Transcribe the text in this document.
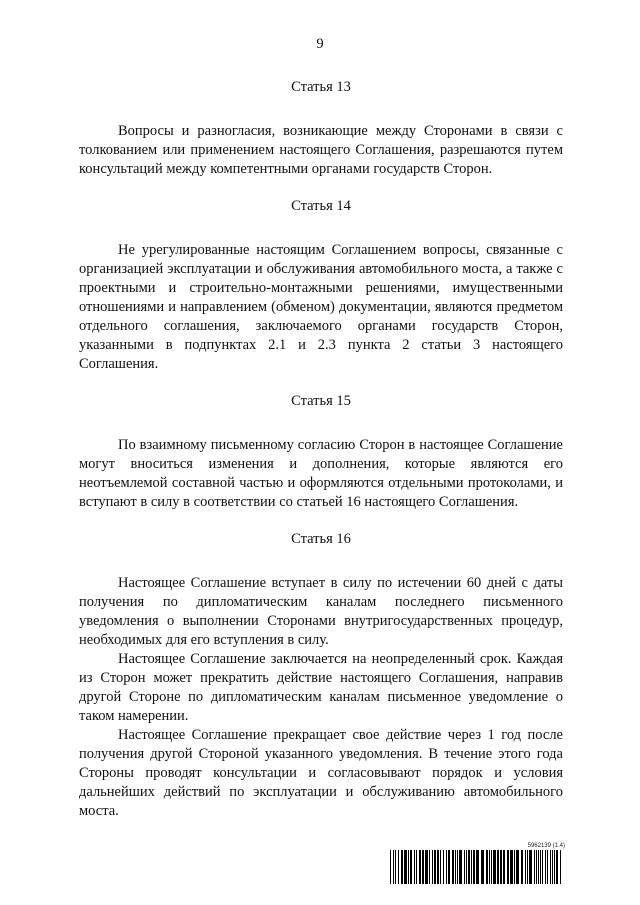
9
Статья 13

Вопросы и разногласия, возникающие между Сторонами в связи с толкованием или применением настоящего Соглашения, разрешаются путем консультаций между компетентными органами государств Сторон.

Статья 14

Не урегулированные настоящим Соглашением вопросы, связанные с организацией эксплуатации и обслуживания автомобильного моста, а также с проектными и строительно-монтажными решениями, имущественными отношениями и направлением (обменом) документации, являются предметом отдельного соглашения, заключаемого органами государств Сторон, указанными в подпунктах 2.1 и 2.3 пункта 2 статьи 3 настоящего Соглашения.

Статья 15

По взаимному письменному согласию Сторон в настоящее Соглашение могут вноситься изменения и дополнения, которые являются его неотъемлемой составной частью и оформляются отдельными протоколами, и вступают в силу в соответствии со статьей 16 настоящего Соглашения.

Статья 16

Настоящее Соглашение вступает в силу по истечении 60 дней с даты получения по дипломатическим каналам последнего письменного уведомления о выполнении Сторонами внутригосударственных процедур, необходимых для его вступления в силу.

Настоящее Соглашение заключается на неопределенный срок. Каждая из Сторон может прекратить действие настоящего Соглашения, направив другой Стороне по дипломатическим каналам письменное уведомление о таком намерении.

Настоящее Соглашение прекращает свое действие через 1 год после получения другой Стороной указанного уведомления. В течение этого года Стороны проводят консультации и согласовывают порядок и условия дальнейших действий по эксплуатации и обслуживанию автомобильного моста.

5962139 (1.4)
